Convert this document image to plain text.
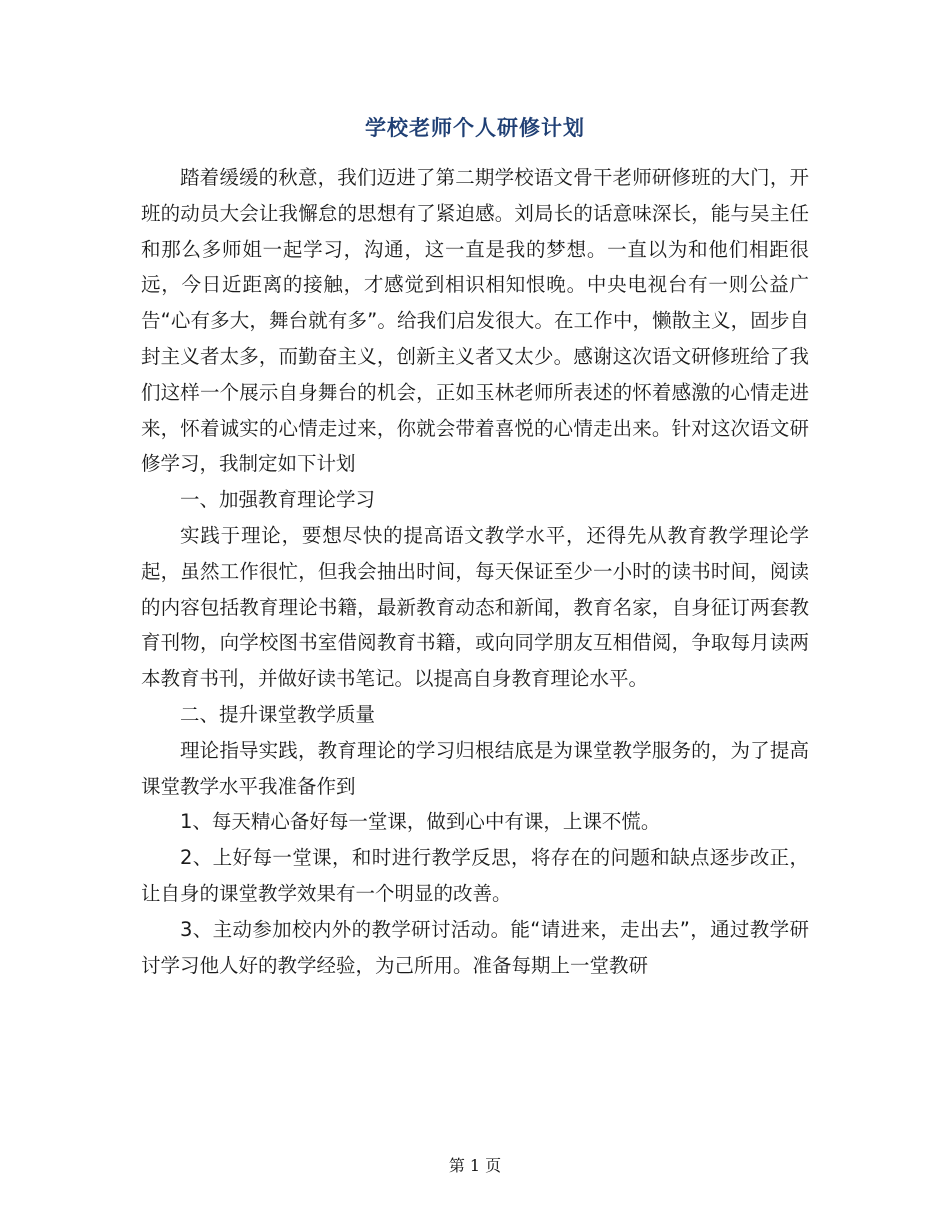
学校老师个人研修计划

踏着缓缓的秋意，我们迈进了第二期学校语文骨干老师研修班的大门，开班的动员大会让我懈怠的思想有了紧迫感。刘局长的话意味深长，能与吴主任和那么多师姐一起学习，沟通，这一直是我的梦想。一直以为和他们相距很远，今日近距离的接触，才感觉到相识相知恨晚。中央电视台有一则公益广告“心有多大，舞台就有多”。给我们启发很大。在工作中，懒散主义，固步自封主义者太多，而勤奋主义，创新主义者又太少。感谢这次语文研修班给了我们这样一个展示自身舞台的机会，正如玉林老师所表述的怀着感激的心情走进来，怀着诚实的心情走过来，你就会带着喜悦的心情走出来。针对这次语文研修学习，我制定如下计划

一、加强教育理论学习

实践于理论，要想尽快的提高语文教学水平，还得先从教育教学理论学起，虽然工作很忙，但我会抽出时间，每天保证至少一小时的读书时间，阅读的内容包括教育理论书籍，最新教育动态和新闻，教育名家，自身征订两套教育刊物，向学校图书室借阅教育书籍，或向同学朋友互相借阅，争取每月读两本教育书刊，并做好读书笔记。以提高自身教育理论水平。

二、提升课堂教学质量

理论指导实践，教育理论的学习归根结底是为课堂教学服务的，为了提高课堂教学水平我准备作到

1、每天精心备好每一堂课，做到心中有课，上课不慌。

2、上好每一堂课，和时进行教学反思，将存在的问题和缺点逐步改正，让自身的课堂教学效果有一个明显的改善。

3、主动参加校内外的教学研讨活动。能“请进来，走出去”，通过教学研讨学习他人好的教学经验，为己所用。准备每期上一堂教研

第 1 页
